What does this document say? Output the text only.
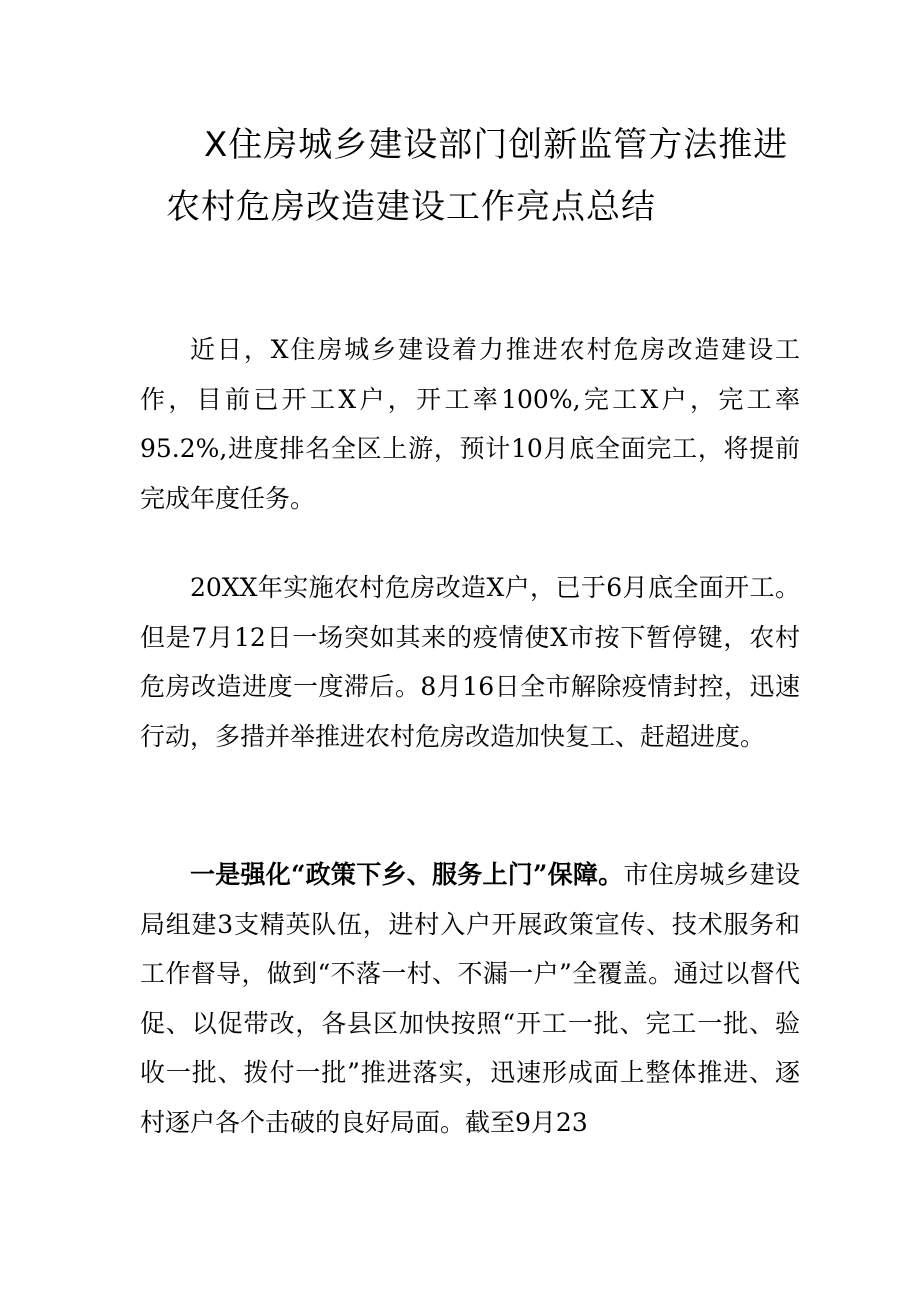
X住房城乡建设部门创新监管方法推进
农村危房改造建设工作亮点总结

近日，X住房城乡建设着力推进农村危房改造建设工作，目前已开工X户，开工率100%,完工X户，完工率95.2%,进度排名全区上游，预计10月底全面完工，将提前完成年度任务。

20XX年实施农村危房改造X户，已于6月底全面开工。但是7月12日一场突如其来的疫情使X市按下暂停键，农村危房改造进度一度滞后。8月16日全市解除疫情封控，迅速行动，多措并举推进农村危房改造加快复工、赶超进度。

一是强化“政策下乡、服务上门”保障。市住房城乡建设局组建3支精英队伍，进村入户开展政策宣传、技术服务和工作督导，做到“不落一村、不漏一户”全覆盖。通过以督代促、以促带改，各县区加快按照“开工一批、完工一批、验收一批、拨付一批”推进落实，迅速形成面上整体推进、逐村逐户各个击破的良好局面。截至9月23
